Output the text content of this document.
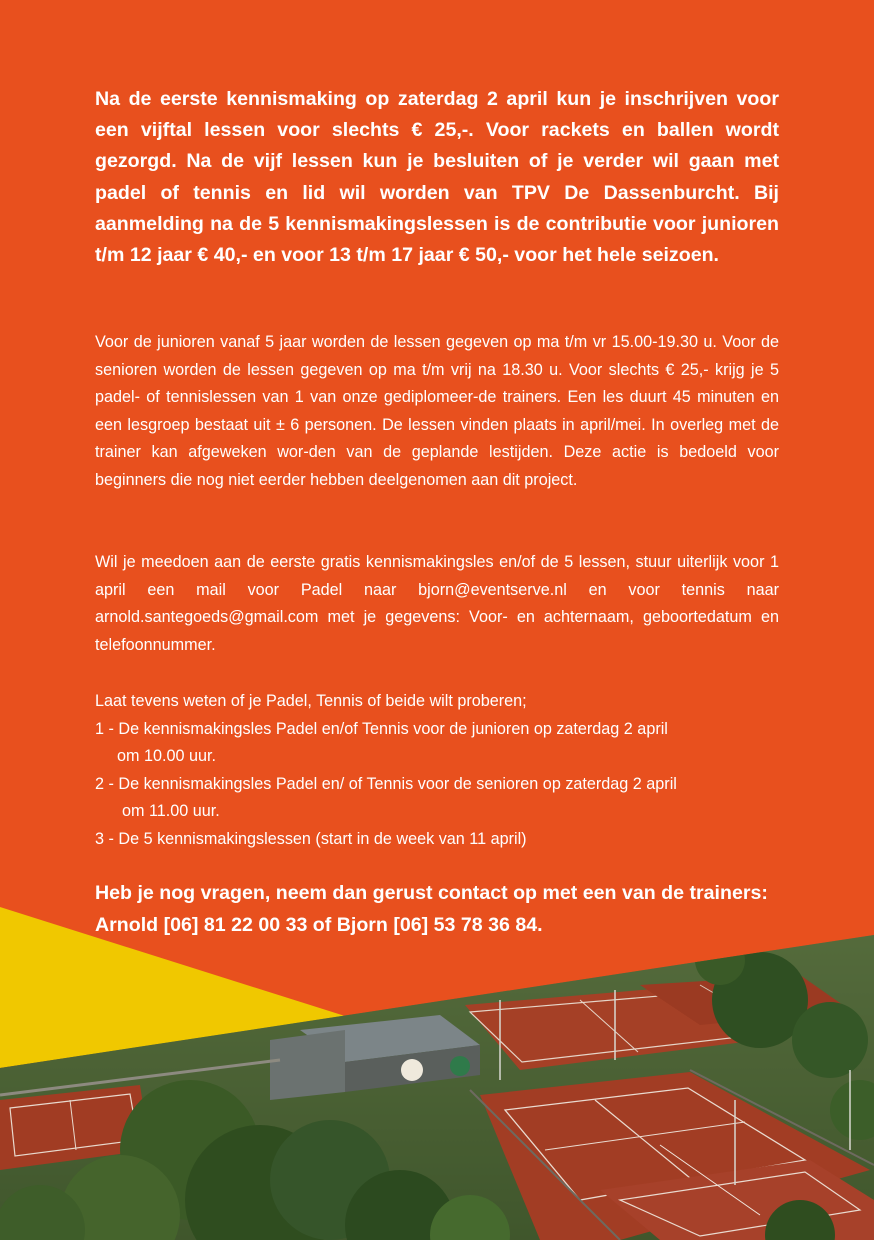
Na de eerste kennismaking op zaterdag 2 april kun je inschrijven voor een vijftal lessen voor slechts € 25,-. Voor rackets en ballen wordt gezorgd. Na de vijf lessen kun je besluiten of je verder wil gaan met padel of tennis en lid wil worden van TPV De Dassenburcht. Bij aanmelding na de 5 kennismakingslessen is de contributie voor junioren t/m 12 jaar € 40,- en voor 13 t/m 17 jaar € 50,- voor het hele seizoen.

Voor de junioren vanaf 5 jaar worden de lessen gegeven op ma t/m vr 15.00-19.30 u. Voor de senioren worden de lessen gegeven op ma t/m vrij na 18.30 u. Voor slechts € 25,- krijg je 5 padel- of tennislessen van 1 van onze gediplomeer-de trainers. Een les duurt 45 minuten en een lesgroep bestaat uit ± 6 personen. De lessen vinden plaats in april/mei. In overleg met de trainer kan afgeweken wor-den van de geplande lestijden. Deze actie is bedoeld voor beginners die nog niet eerder hebben deelgenomen aan dit project.

Wil je meedoen aan de eerste gratis kennismakingsles en/of de 5 lessen, stuur uiterlijk voor 1 april een mail voor Padel naar bjorn@eventserve.nl en voor tennis naar arnold.santegoeds@gmail.com met je gegevens: Voor- en achternaam, geboortedatum en telefoonnummer.

Laat tevens weten of je Padel, Tennis of beide wilt proberen;
1 - De kennismakingsles Padel en/of Tennis voor de junioren op zaterdag 2 april
om 10.00 uur.
2 - De kennismakingsles Padel en/ of Tennis voor de senioren op zaterdag 2 april
om 11.00 uur.
3 - De 5 kennismakingslessen (start in de week van 11 april)
Heb je nog vragen, neem dan gerust contact op met een van de trainers:
Arnold [06] 81 22 00 33 of Bjorn [06] 53 78 36 84.
